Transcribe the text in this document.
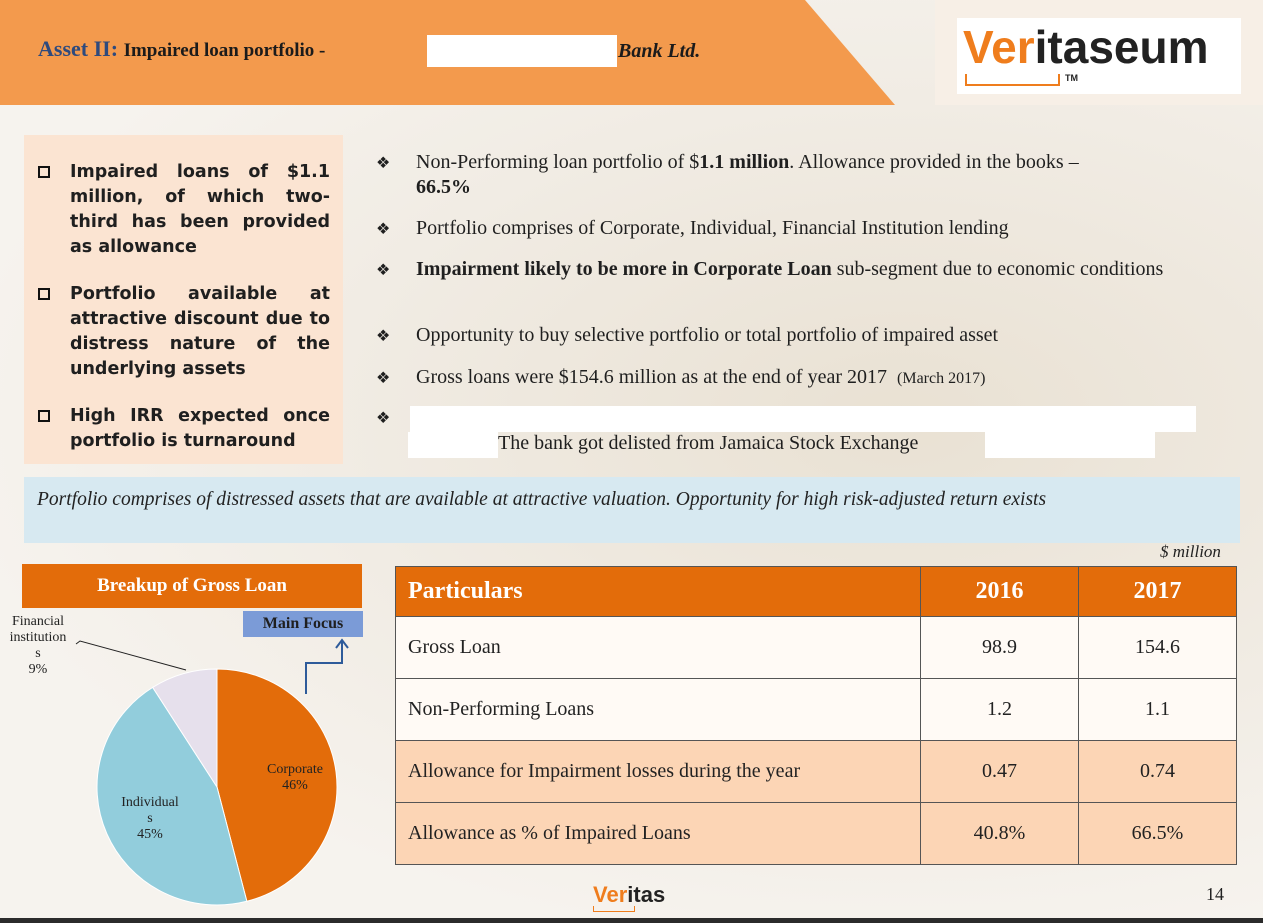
Asset II: Impaired loan portfolio -	Bank Ltd.	Veritaseum
TM
Impaired loans of $1.1 million, of which two-third has been provided as allowance
Portfolio available at attractive discount due to distress nature of the underlying assets
High IRR expected once portfolio is turnaround
❖ Non-Performing loan portfolio of $1.1 million. Allowance provided in the books –
66.5%
❖ Portfolio comprises of Corporate, Individual, Financial Institution lending
❖ Impairment likely to be more in Corporate Loan sub-segment due to economic conditions
❖ Opportunity to buy selective portfolio or total portfolio of impaired asset
❖ Gross loans were $154.6 million as at the end of year 2017 (March 2017)
❖
The bank got delisted from Jamaica Stock Exchange
Portfolio comprises of distressed assets that are available at attractive valuation. Opportunity for high risk-adjusted return exists
$ million
Breakup of Gross Loan
Main Focus
Corporate
46%
Individual
s
45%
Financial
institution
s
9%
Particulars	2016	2017
Gross Loan	98.9	154.6
Non-Performing Loans	1.2	1.1
Allowance for Impairment losses during the year	0.47	0.74
Allowance as % of Impaired Loans	40.8%	66.5%
Veritas	14
